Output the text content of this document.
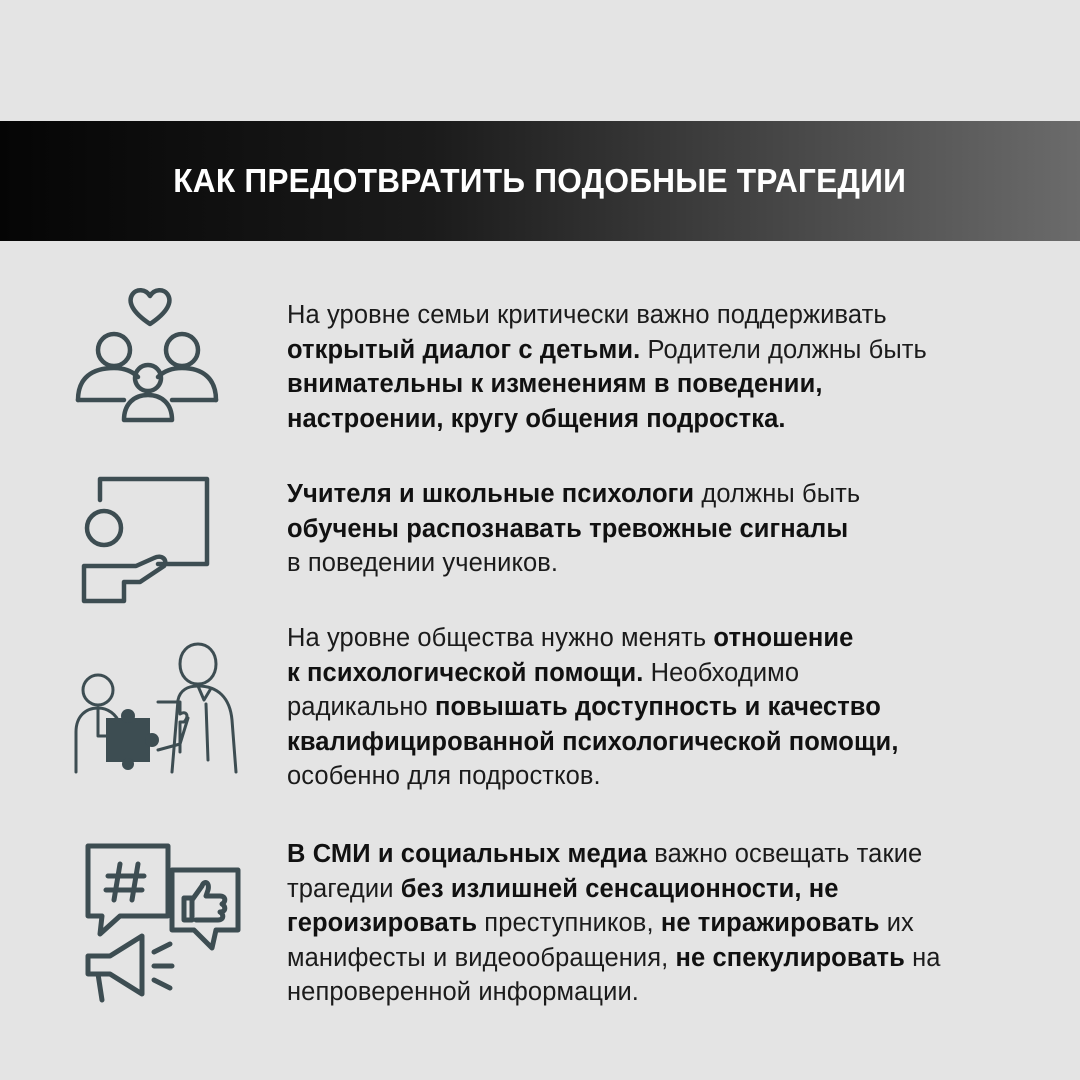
КАК ПРЕДОТВРАТИТЬ ПОДОБНЫЕ ТРАГЕДИИ

На уровне семьи критически важно поддерживать
открытый диалог с детьми. Родители должны быть
внимательны к изменениям в поведении,
настроении, кругу общения подростка.

Учителя и школьные психологи должны быть
обучены распознавать тревожные сигналы
в поведении учеников.

На уровне общества нужно менять отношение
к психологической помощи. Необходимо
радикально повышать доступность и качество
квалифицированной психологической помощи,
особенно для подростков.

В СМИ и социальных медиа важно освещать такие
трагедии без излишней сенсационности, не
героизировать преступников, не тиражировать их
манифесты и видеообращения, не спекулировать на
непроверенной информации.
